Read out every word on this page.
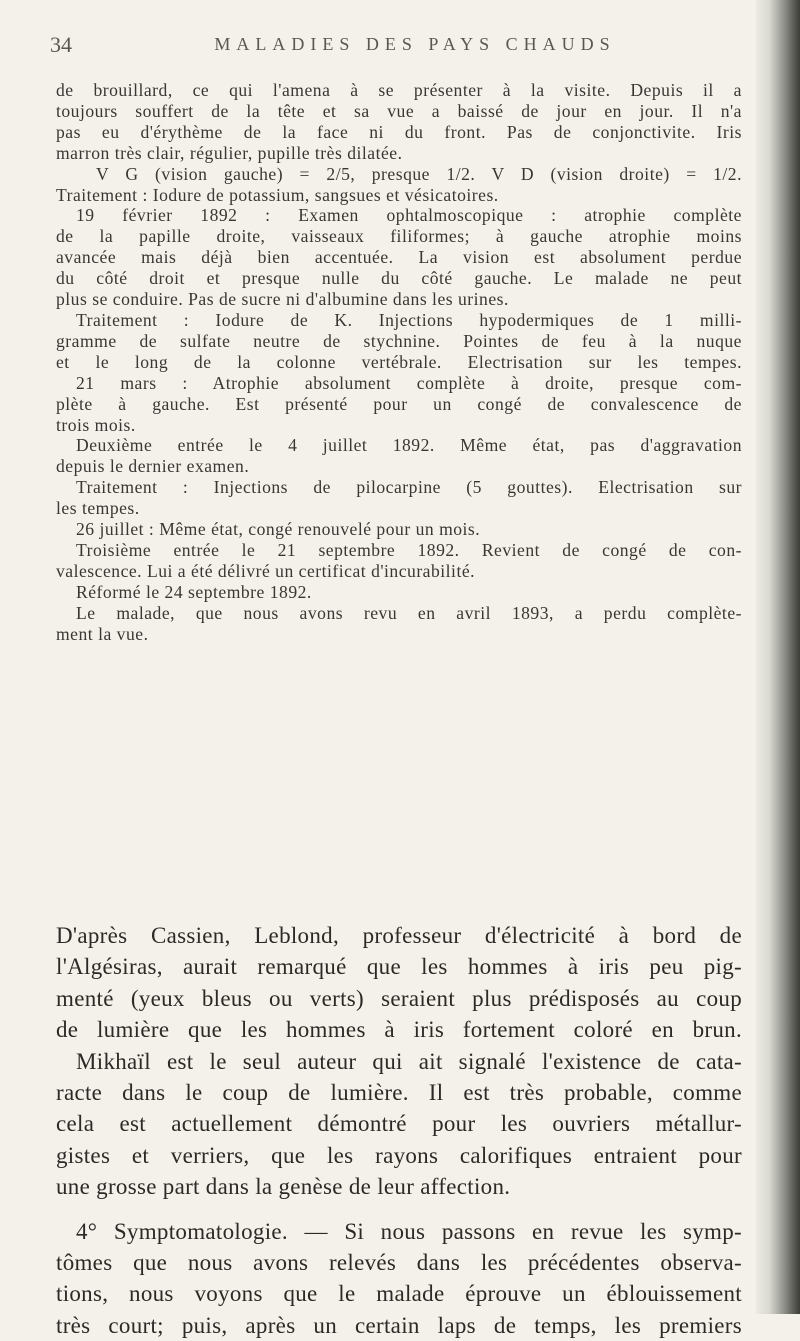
34	MALADIES DES PAYS CHAUDS
de brouillard, ce qui l'amena à se présenter à la visite. Depuis il a
toujours souffert de la tête et sa vue a baissé de jour en jour. Il n'a
pas eu d'érythème de la face ni du front. Pas de conjonctivite. Iris
marron très clair, régulier, pupille très dilatée.
V G (vision gauche) = 2/5, presque 1/2. V D (vision droite) = 1/2.
Traitement : Iodure de potassium, sangsues et vésicatoires.
19 février 1892 : Examen ophtalmoscopique : atrophie complète
de la papille droite, vaisseaux filiformes; à gauche atrophie moins
avancée mais déjà bien accentuée. La vision est absolument perdue
du côté droit et presque nulle du côté gauche. Le malade ne peut
plus se conduire. Pas de sucre ni d'albumine dans les urines.
Traitement : Iodure de K. Injections hypodermiques de 1 milli-
gramme de sulfate neutre de stychnine. Pointes de feu à la nuque
et le long de la colonne vertébrale. Electrisation sur les tempes.
21 mars : Atrophie absolument complète à droite, presque com-
plète à gauche. Est présenté pour un congé de convalescence de
trois mois.
Deuxième entrée le 4 juillet 1892. Même état, pas d'aggravation
depuis le dernier examen.
Traitement : Injections de pilocarpine (5 gouttes). Electrisation sur
les tempes.
26 juillet : Même état, congé renouvelé pour un mois.
Troisième entrée le 21 septembre 1892. Revient de congé de con-
valescence. Lui a été délivré un certificat d'incurabilité.
Réformé le 24 septembre 1892.
Le malade, que nous avons revu en avril 1893, a perdu complète-
ment la vue.
D'après Cassien, Leblond, professeur d'électricité à bord de
l'Algésiras, aurait remarqué que les hommes à iris peu pig-
menté (yeux bleus ou verts) seraient plus prédisposés au coup
de lumière que les hommes à iris fortement coloré en brun.
Mikhaïl est le seul auteur qui ait signalé l'existence de cata-
racte dans le coup de lumière. Il est très probable, comme
cela est actuellement démontré pour les ouvriers métallur-
gistes et verriers, que les rayons calorifiques entraient pour
une grosse part dans la genèse de leur affection.
4° Symptomatologie. — Si nous passons en revue les symp-
tômes que nous avons relevés dans les précédentes observa-
tions, nous voyons que le malade éprouve un éblouissement
très court; puis, après un certain laps de temps, les premiers
